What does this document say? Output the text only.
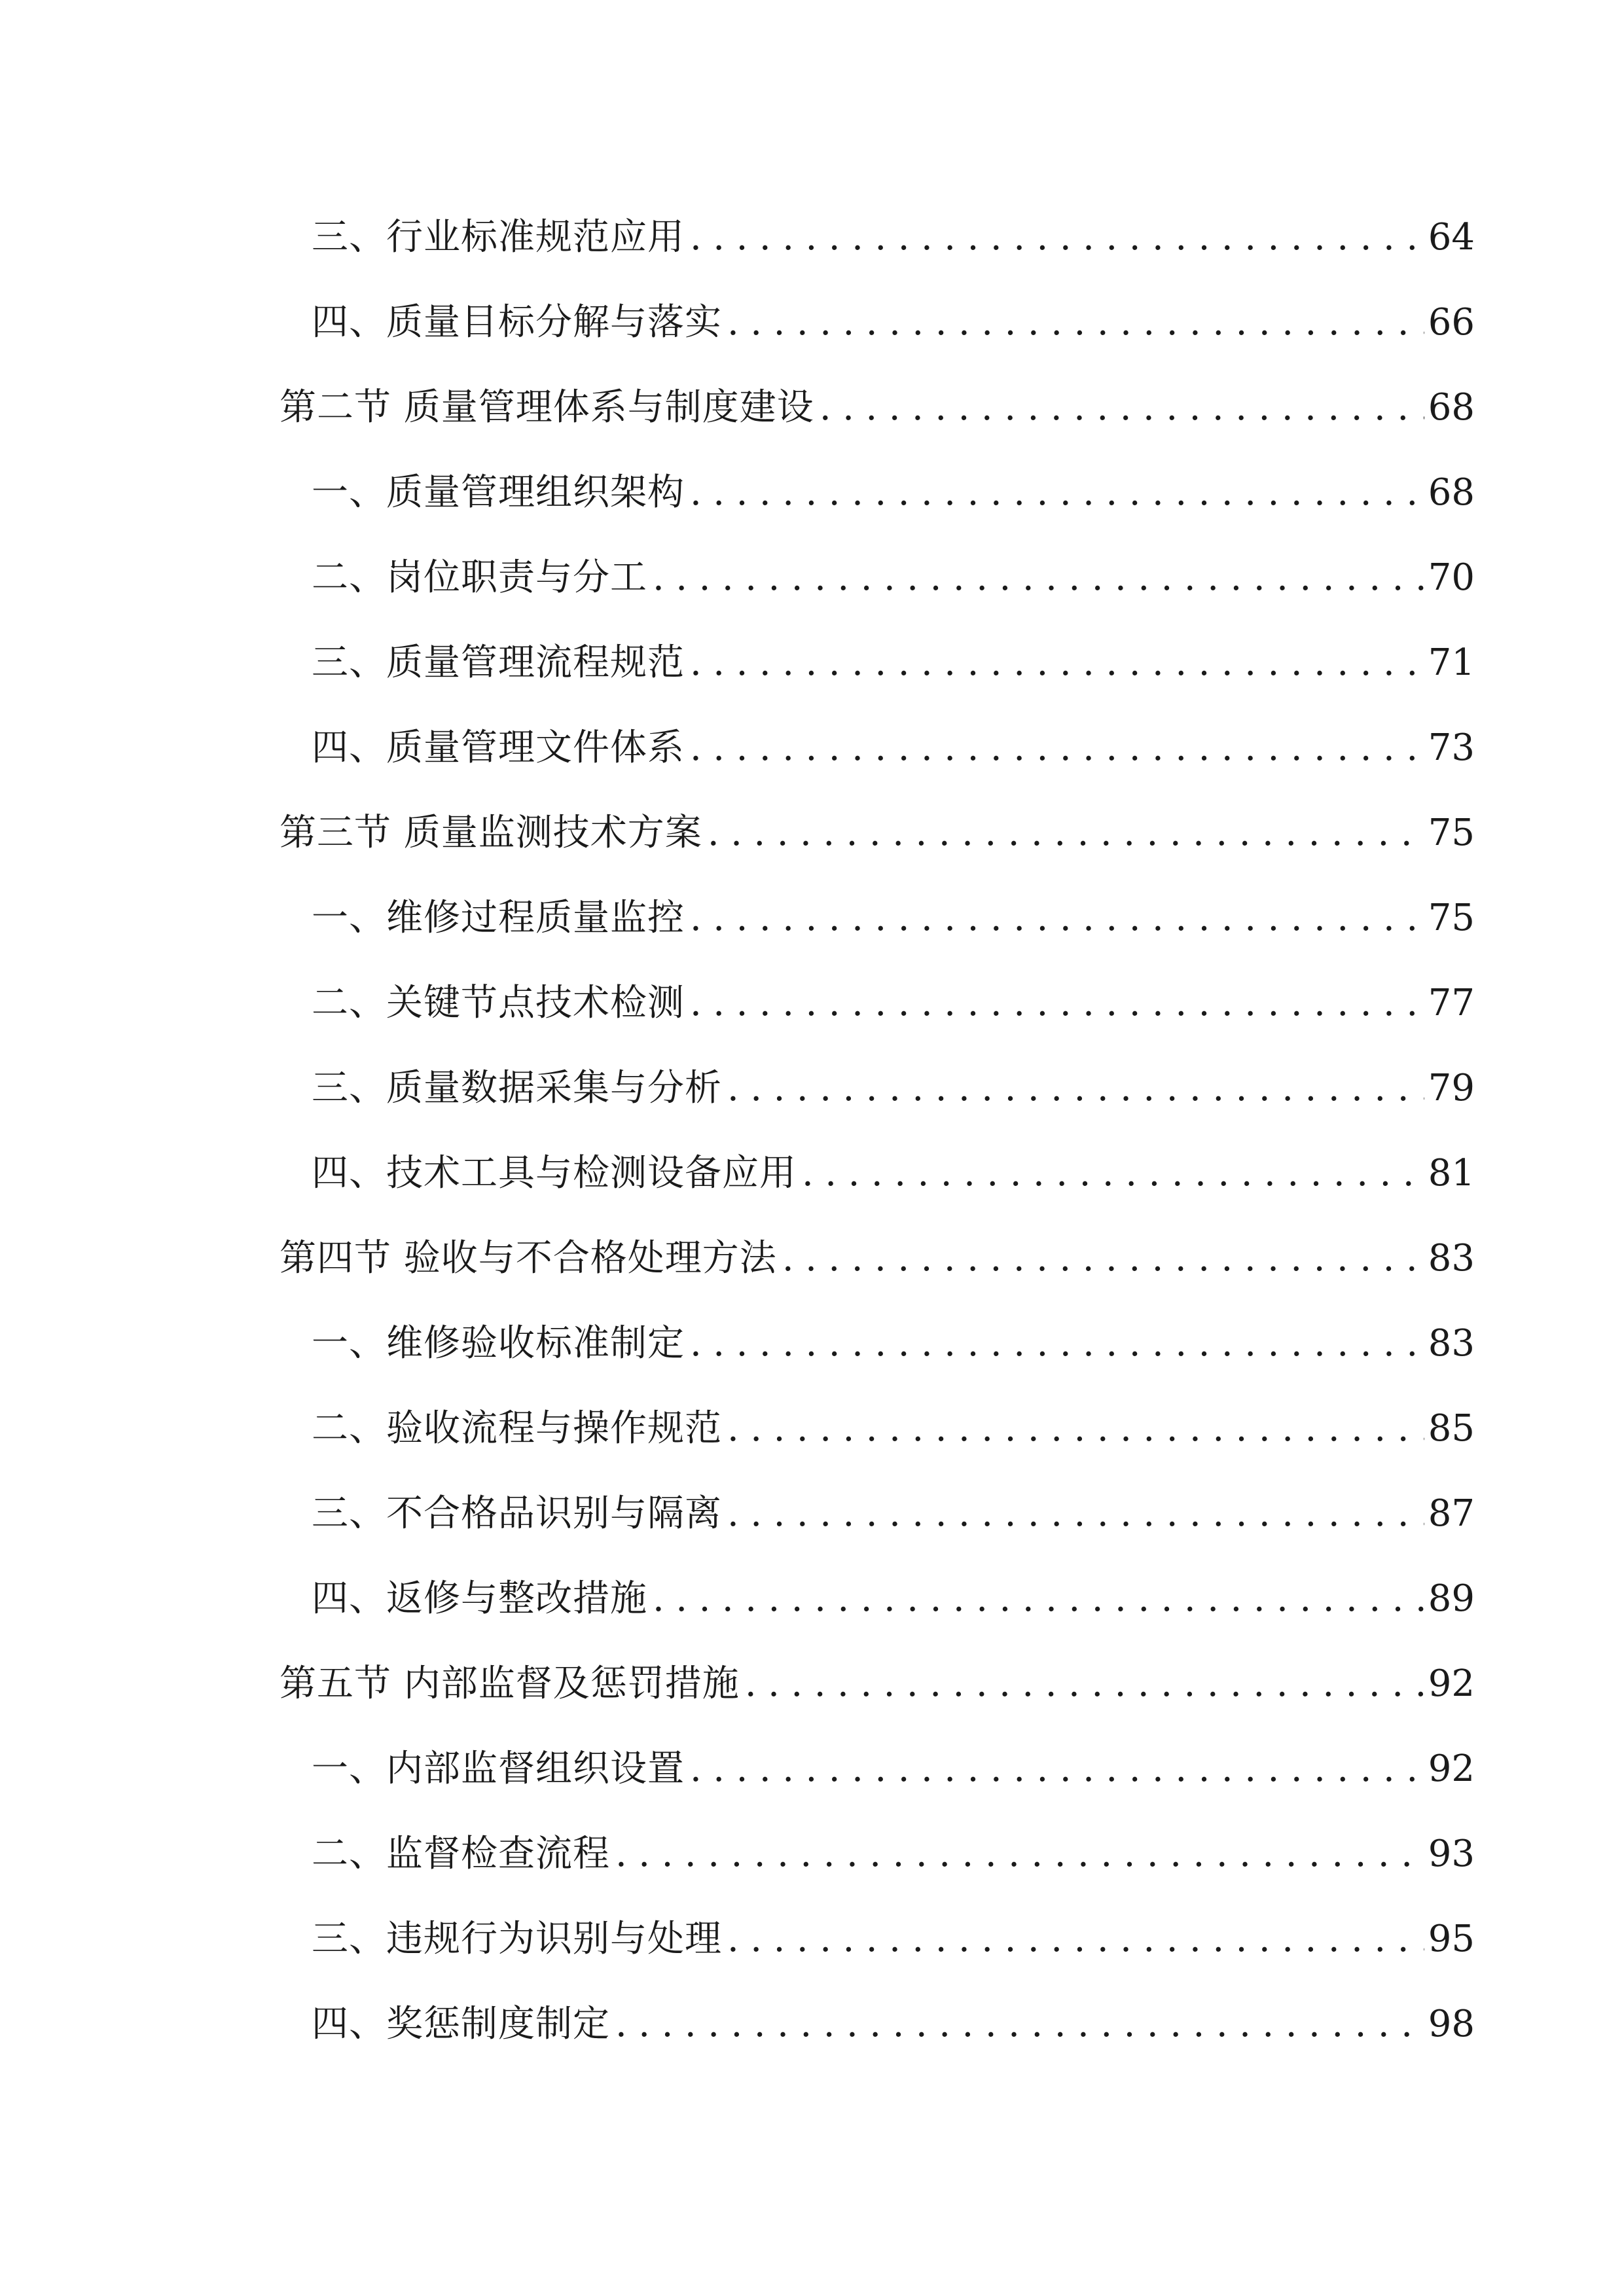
三、行业标准规范应用 .....	64
四、质量目标分解与落实 .....	66
第二节 质量管理体系与制度建设 .....	68
一、质量管理组织架构 .....	68
二、岗位职责与分工 .....	70
三、质量管理流程规范 .....	71
四、质量管理文件体系 .....	73
第三节 质量监测技术方案 .....	75
一、维修过程质量监控 .....	75
二、关键节点技术检测 .....	77
三、质量数据采集与分析 .....	79
四、技术工具与检测设备应用 .....	81
第四节 验收与不合格处理方法 .....	83
一、维修验收标准制定 .....	83
二、验收流程与操作规范 .....	85
三、不合格品识别与隔离 .....	87
四、返修与整改措施 .....	89
第五节 内部监督及惩罚措施 .....	92
一、内部监督组织设置 .....	92
二、监督检查流程 .....	93
三、违规行为识别与处理 .....	95
四、奖惩制度制定 .....	98
